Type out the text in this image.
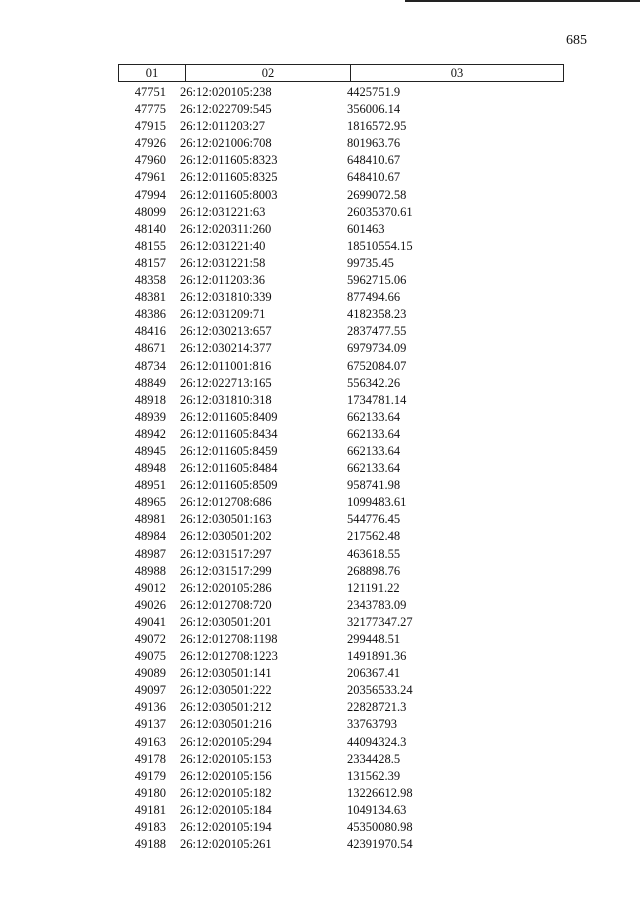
685
01	02	03
47751	26:12:020105:238	4425751.9
47775	26:12:022709:545	356006.14
47915	26:12:011203:27	1816572.95
47926	26:12:021006:708	801963.76
47960	26:12:011605:8323	648410.67
47961	26:12:011605:8325	648410.67
47994	26:12:011605:8003	2699072.58
48099	26:12:031221:63	26035370.61
48140	26:12:020311:260	601463
48155	26:12:031221:40	18510554.15
48157	26:12:031221:58	99735.45
48358	26:12:011203:36	5962715.06
48381	26:12:031810:339	877494.66
48386	26:12:031209:71	4182358.23
48416	26:12:030213:657	2837477.55
48671	26:12:030214:377	6979734.09
48734	26:12:011001:816	6752084.07
48849	26:12:022713:165	556342.26
48918	26:12:031810:318	1734781.14
48939	26:12:011605:8409	662133.64
48942	26:12:011605:8434	662133.64
48945	26:12:011605:8459	662133.64
48948	26:12:011605:8484	662133.64
48951	26:12:011605:8509	958741.98
48965	26:12:012708:686	1099483.61
48981	26:12:030501:163	544776.45
48984	26:12:030501:202	217562.48
48987	26:12:031517:297	463618.55
48988	26:12:031517:299	268898.76
49012	26:12:020105:286	121191.22
49026	26:12:012708:720	2343783.09
49041	26:12:030501:201	32177347.27
49072	26:12:012708:1198	299448.51
49075	26:12:012708:1223	1491891.36
49089	26:12:030501:141	206367.41
49097	26:12:030501:222	20356533.24
49136	26:12:030501:212	22828721.3
49137	26:12:030501:216	33763793
49163	26:12:020105:294	44094324.3
49178	26:12:020105:153	2334428.5
49179	26:12:020105:156	131562.39
49180	26:12:020105:182	13226612.98
49181	26:12:020105:184	1049134.63
49183	26:12:020105:194	45350080.98
49188	26:12:020105:261	42391970.54
